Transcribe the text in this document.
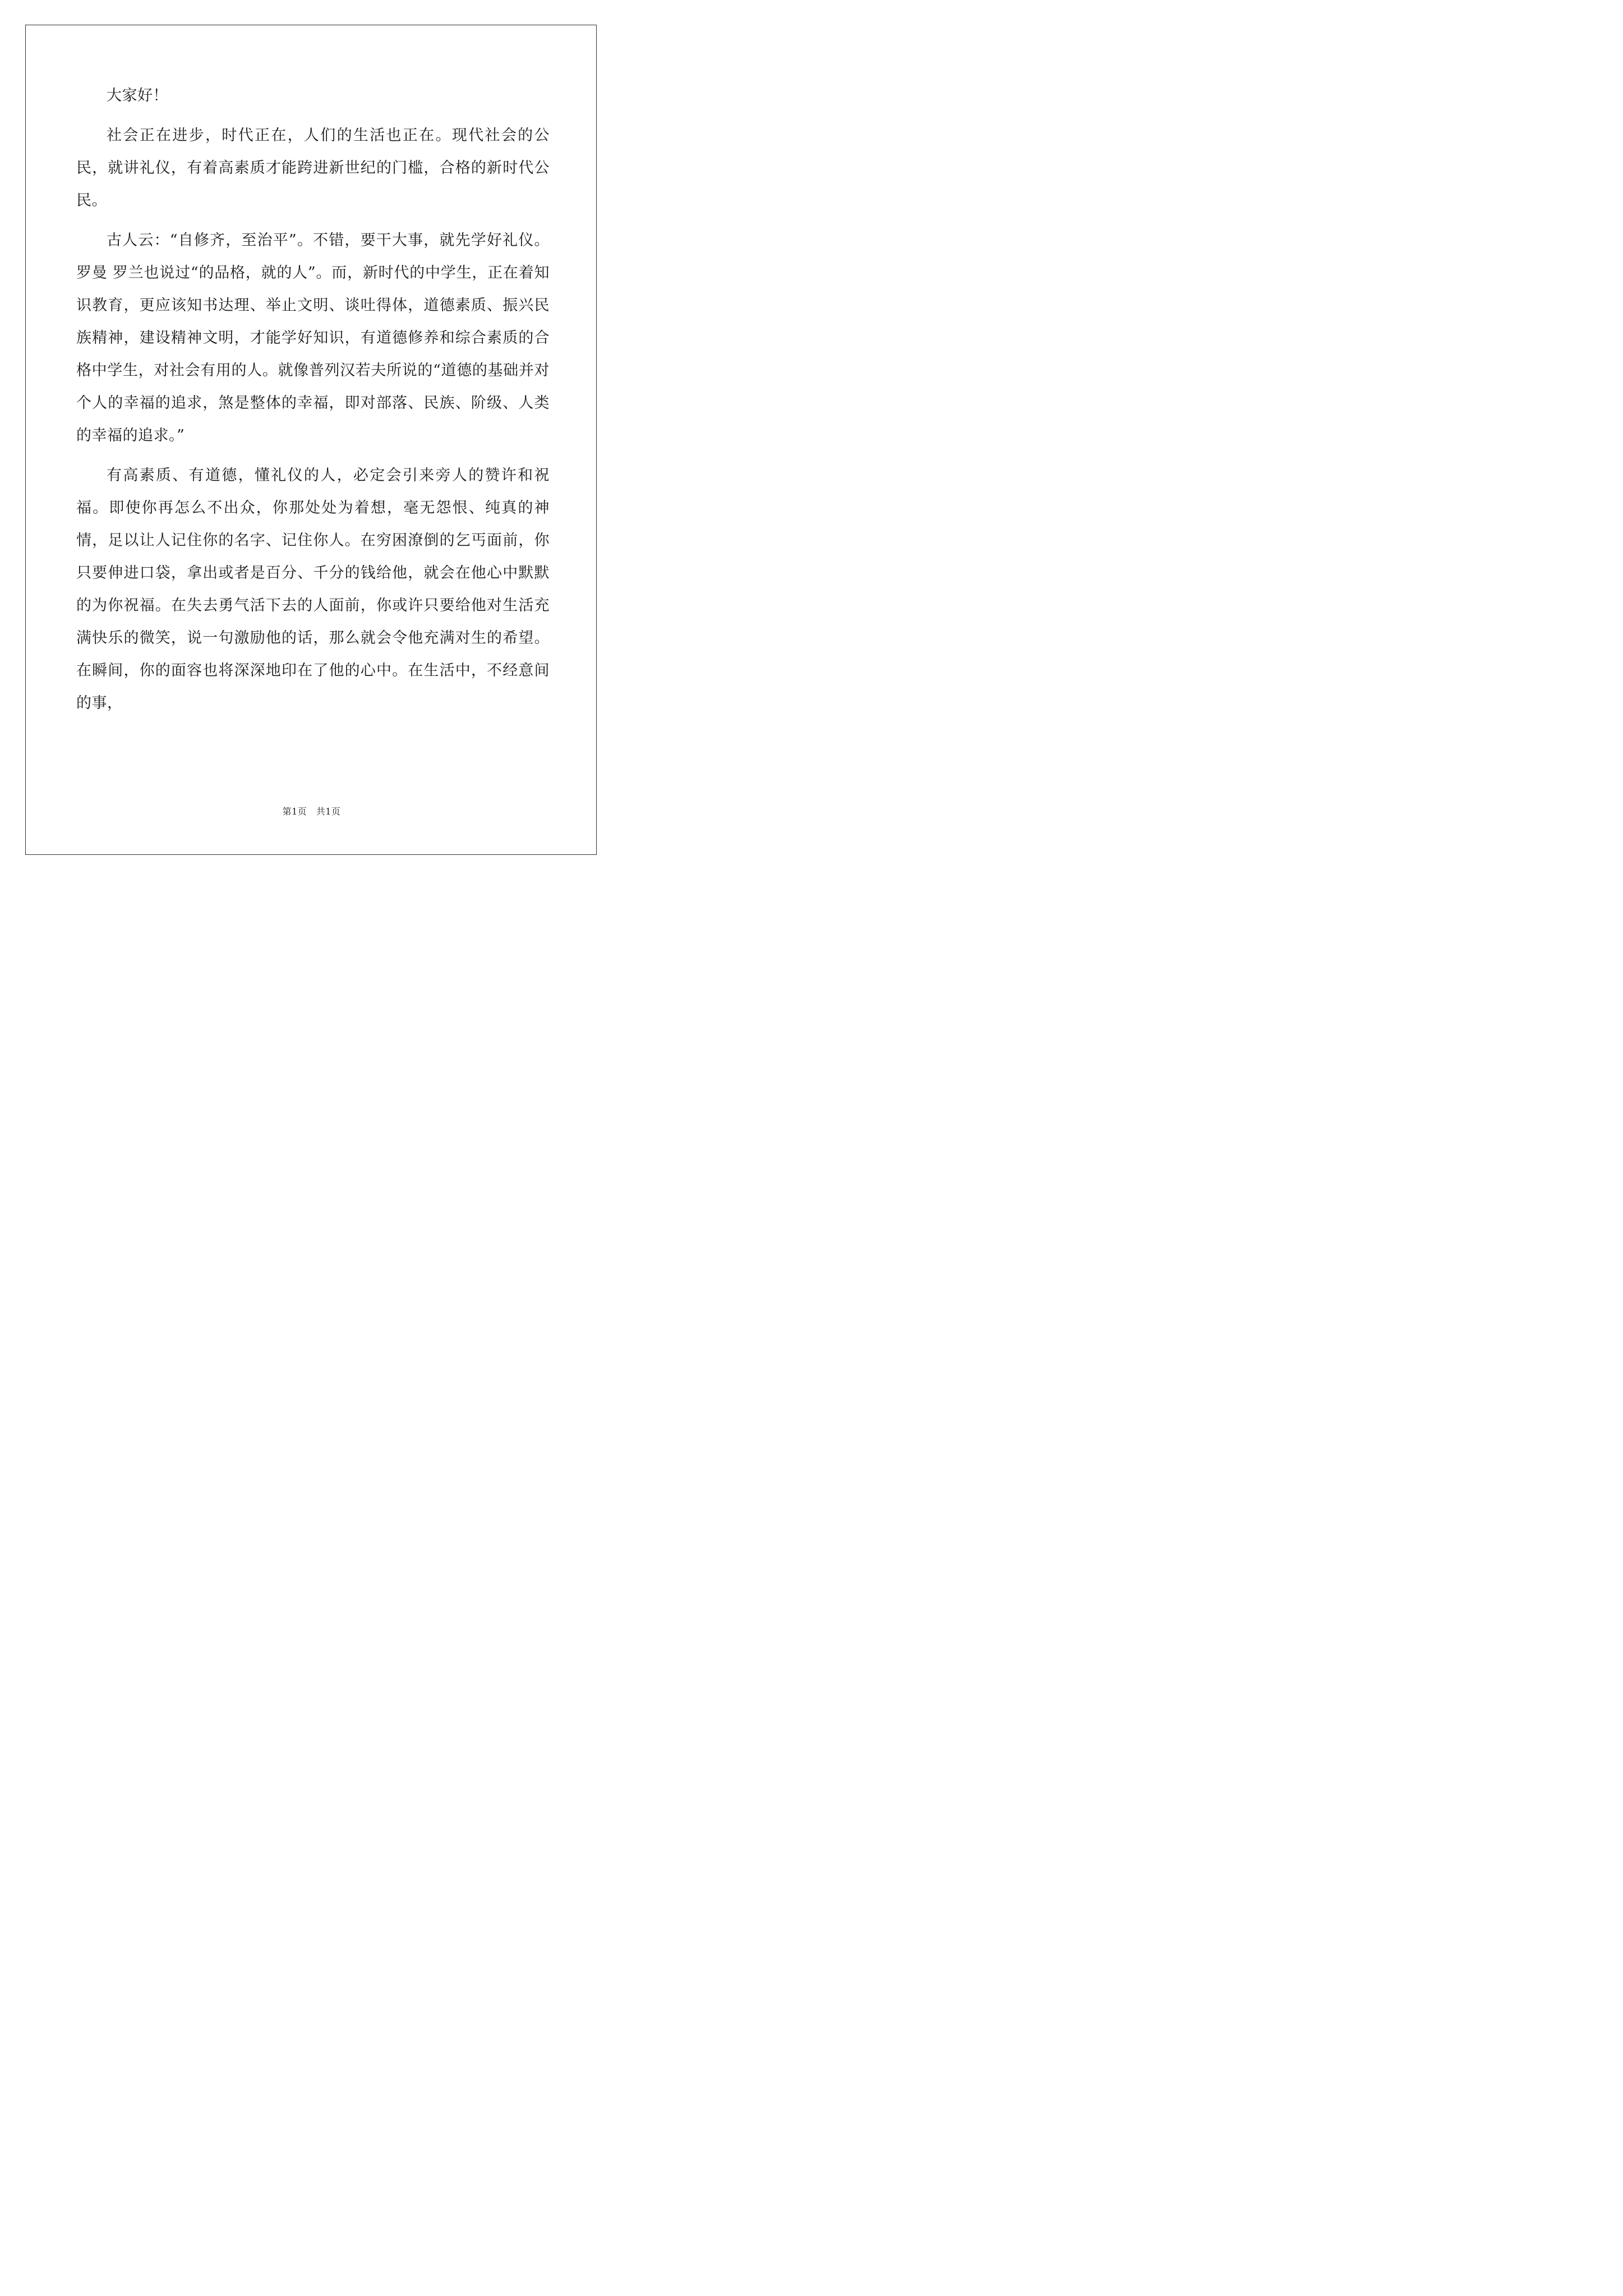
大家好！

社会正在进步，时代正在，人们的生活也正在。现代社会的公民，就讲礼仪，有着高素质才能跨进新世纪的门槛，合格的新时代公民。

古人云：“自修齐，至治平”。不错，要干大事，就先学好礼仪。罗曼 罗兰也说过“的品格，就的人”。而，新时代的中学生，正在着知识教育，更应该知书达理、举止文明、谈吐得体，道德素质、振兴民族精神，建设精神文明，才能学好知识，有道德修养和综合素质的合格中学生，对社会有用的人。就像普列汉若夫所说的“道德的基础并对个人的幸福的追求，煞是整体的幸福，即对部落、民族、阶级、人类的幸福的追求。”

有高素质、有道德，懂礼仪的人，必定会引来旁人的赞许和祝福。即使你再怎么不出众，你那处处为着想，毫无怨恨、纯真的神情，足以让人记住你的名字、记住你人。在穷困潦倒的乞丐面前，你只要伸进口袋，拿出或者是百分、千分的钱给他，就会在他心中默默的为你祝福。在失去勇气活下去的人面前，你或许只要给他对生活充满快乐的微笑，说一句激励他的话，那么就会令他充满对生的希望。在瞬间，你的面容也将深深地印在了他的心中。在生活中，不经意间的事，

第1页　共1页
